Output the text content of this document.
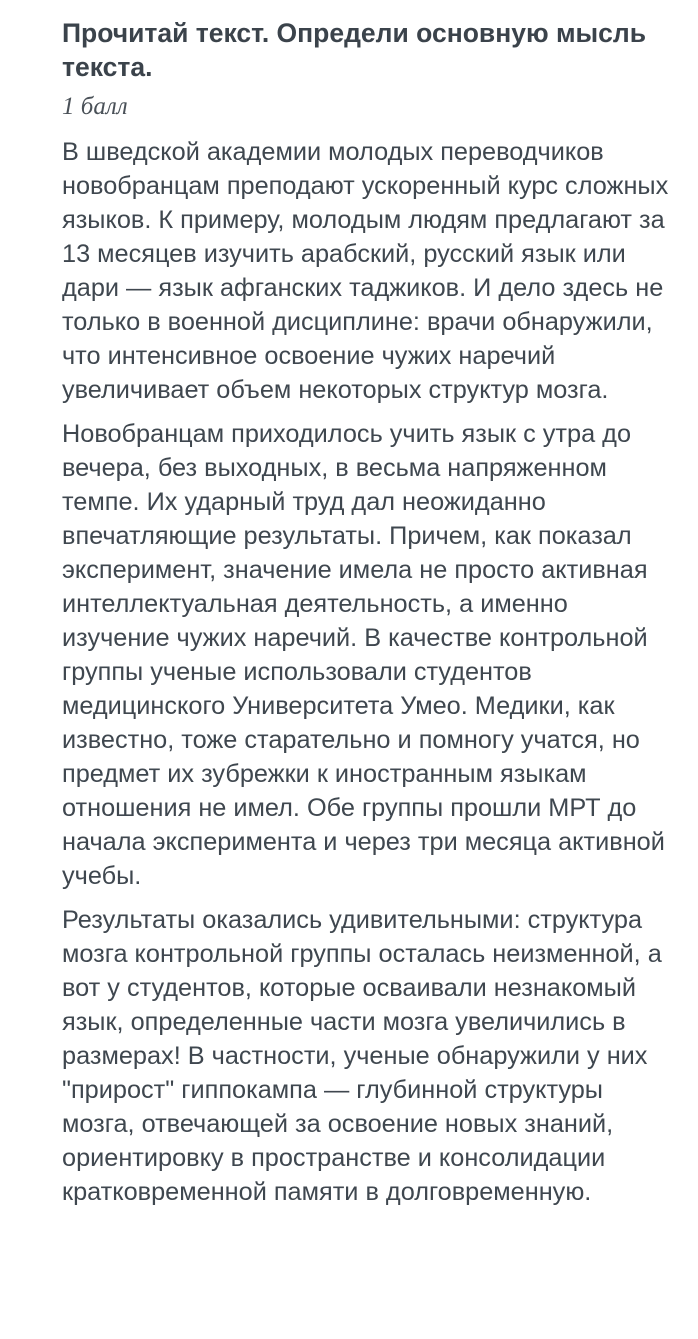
Прочитай текст. Определи основную мысль текста.
1 балл

В шведской академии молодых переводчиков новобранцам преподают ускоренный курс сложных языков. К примеру, молодым людям предлагают за 13 месяцев изучить арабский, русский язык или дари — язык афганских таджиков. И дело здесь не только в военной дисциплине: врачи обнаружили, что интенсивное освоение чужих наречий увеличивает объем некоторых структур мозга.

Новобранцам приходилось учить язык с утра до вечера, без выходных, в весьма напряженном темпе. Их ударный труд дал неожиданно впечатляющие результаты. Причем, как показал эксперимент, значение имела не просто активная интеллектуальная деятельность, а именно изучение чужих наречий. В качестве контрольной группы ученые использовали студентов медицинского Университета Умео. Медики, как известно, тоже старательно и помногу учатся, но предмет их зубрежки к иностранным языкам отношения не имел. Обе группы прошли МРТ до начала эксперимента и через три месяца активной учебы.

Результаты оказались удивительными: структура мозга контрольной группы осталась неизменной, а вот у студентов, которые осваивали незнакомый язык, определенные части мозга увеличились в размерах! В частности, ученые обнаружили у них "прирост" гиппокампа — глубинной структуры мозга, отвечающей за освоение новых знаний, ориентировку в пространстве и консолидации кратковременной памяти в долговременную.
